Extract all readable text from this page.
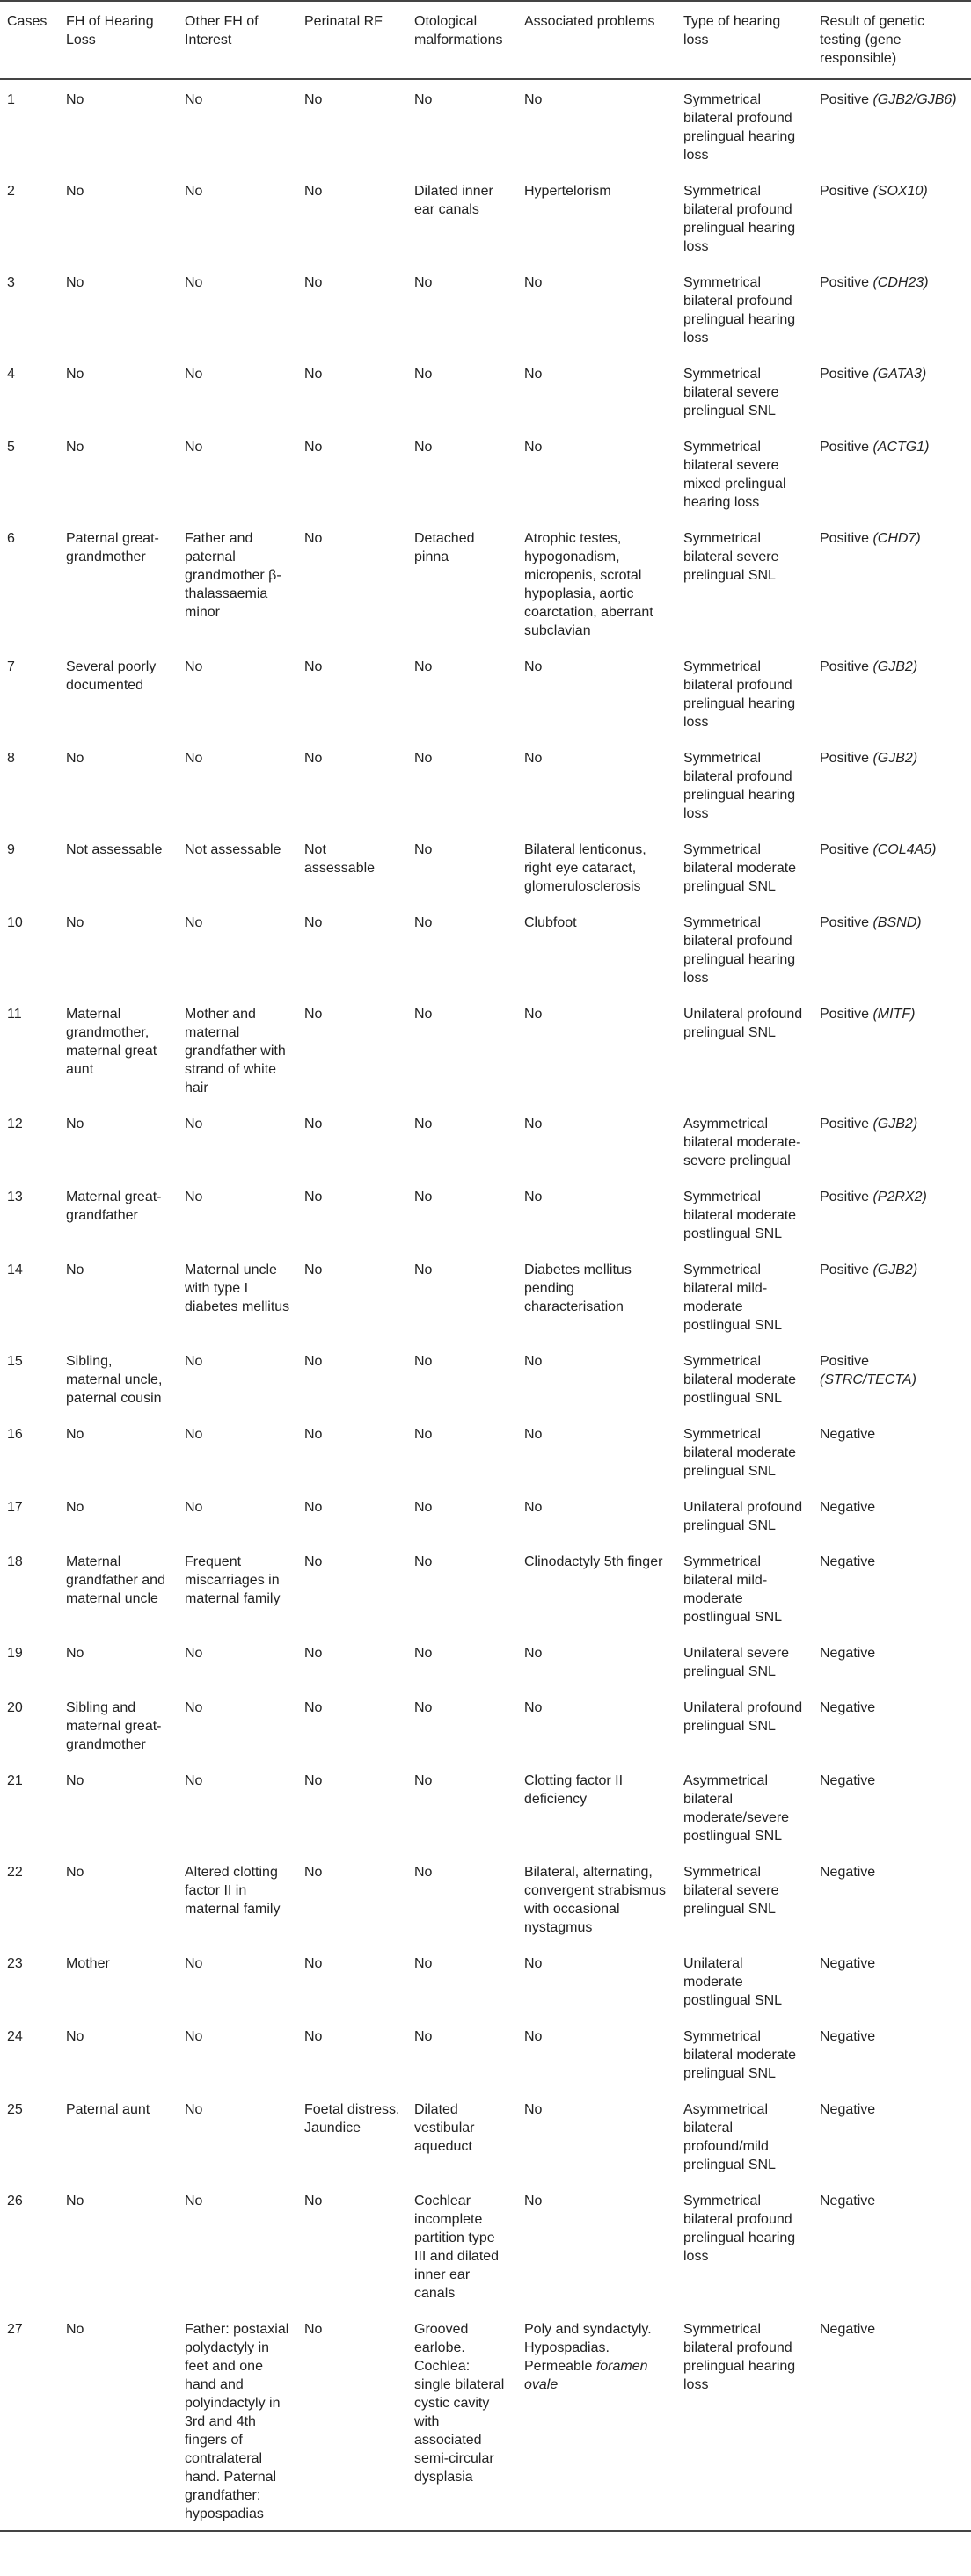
Cases	FH of Hearing Loss	Other FH of Interest	Perinatal RF	Otological malformations	Associated problems	Type of hearing loss	Result of genetic testing (gene responsible)
1	No	No	No	No	No	Symmetrical bilateral profound prelingual hearing loss	Positive (GJB2/GJB6)
2	No	No	No	Dilated inner ear canals	Hypertelorism	Symmetrical bilateral profound prelingual hearing loss	Positive (SOX10)
3	No	No	No	No	No	Symmetrical bilateral profound prelingual hearing loss	Positive (CDH23)
4	No	No	No	No	No	Symmetrical bilateral severe prelingual SNL	Positive (GATA3)
5	No	No	No	No	No	Symmetrical bilateral severe mixed prelingual hearing loss	Positive (ACTG1)
6	Paternal great-grandmother	Father and paternal grandmother β-thalassaemia minor	No	Detached pinna	Atrophic testes, hypogonadism, micropenis, scrotal hypoplasia, aortic coarctation, aberrant subclavian	Symmetrical bilateral severe prelingual SNL	Positive (CHD7)
7	Several poorly documented	No	No	No	No	Symmetrical bilateral profound prelingual hearing loss	Positive (GJB2)
8	No	No	No	No	No	Symmetrical bilateral profound prelingual hearing loss	Positive (GJB2)
9	Not assessable	Not assessable	Not assessable	No	Bilateral lenticonus, right eye cataract, glomerulosclerosis	Symmetrical bilateral moderate prelingual SNL	Positive (COL4A5)
10	No	No	No	No	Clubfoot	Symmetrical bilateral profound prelingual hearing loss	Positive (BSND)
11	Maternal grandmother, maternal great aunt	Mother and maternal grandfather with strand of white hair	No	No	No	Unilateral profound prelingual SNL	Positive (MITF)
12	No	No	No	No	No	Asymmetrical bilateral moderate-severe prelingual	Positive (GJB2)
13	Maternal great-grandfather	No	No	No	No	Symmetrical bilateral moderate postlingual SNL	Positive (P2RX2)
14	No	Maternal uncle with type I diabetes mellitus	No	No	Diabetes mellitus pending characterisation	Symmetrical bilateral mild-moderate postlingual SNL	Positive (GJB2)
15	Sibling, maternal uncle, paternal cousin	No	No	No	No	Symmetrical bilateral moderate postlingual SNL	Positive (STRC/TECTA)
16	No	No	No	No	No	Symmetrical bilateral moderate prelingual SNL	Negative
17	No	No	No	No	No	Unilateral profound prelingual SNL	Negative
18	Maternal grandfather and maternal uncle	Frequent miscarriages in maternal family	No	No	Clinodactyly 5th finger	Symmetrical bilateral mild-moderate postlingual SNL	Negative
19	No	No	No	No	No	Unilateral severe prelingual SNL	Negative
20	Sibling and maternal great-grandmother	No	No	No	No	Unilateral profound prelingual SNL	Negative
21	No	No	No	No	Clotting factor II deficiency	Asymmetrical bilateral moderate/severe postlingual SNL	Negative
22	No	Altered clotting factor II in maternal family	No	No	Bilateral, alternating, convergent strabismus with occasional nystagmus	Symmetrical bilateral severe prelingual SNL	Negative
23	Mother	No	No	No	No	Unilateral moderate postlingual SNL	Negative
24	No	No	No	No	No	Symmetrical bilateral moderate prelingual SNL	Negative
25	Paternal aunt	No	Foetal distress. Jaundice	Dilated vestibular aqueduct	No	Asymmetrical bilateral profound/mild prelingual SNL	Negative
26	No	No	No	Cochlear incomplete partition type III and dilated inner ear canals	No	Symmetrical bilateral profound prelingual hearing loss	Negative
27	No	Father: postaxial polydactyly in feet and one hand and polyindactyly in 3rd and 4th fingers of contralateral hand. Paternal grandfather: hypospadias	No	Grooved earlobe. Cochlea: single bilateral cystic cavity with associated semi-circular dysplasia	Poly and syndactyly. Hypospadias. Permeable foramen ovale	Symmetrical bilateral profound prelingual hearing loss	Negative
